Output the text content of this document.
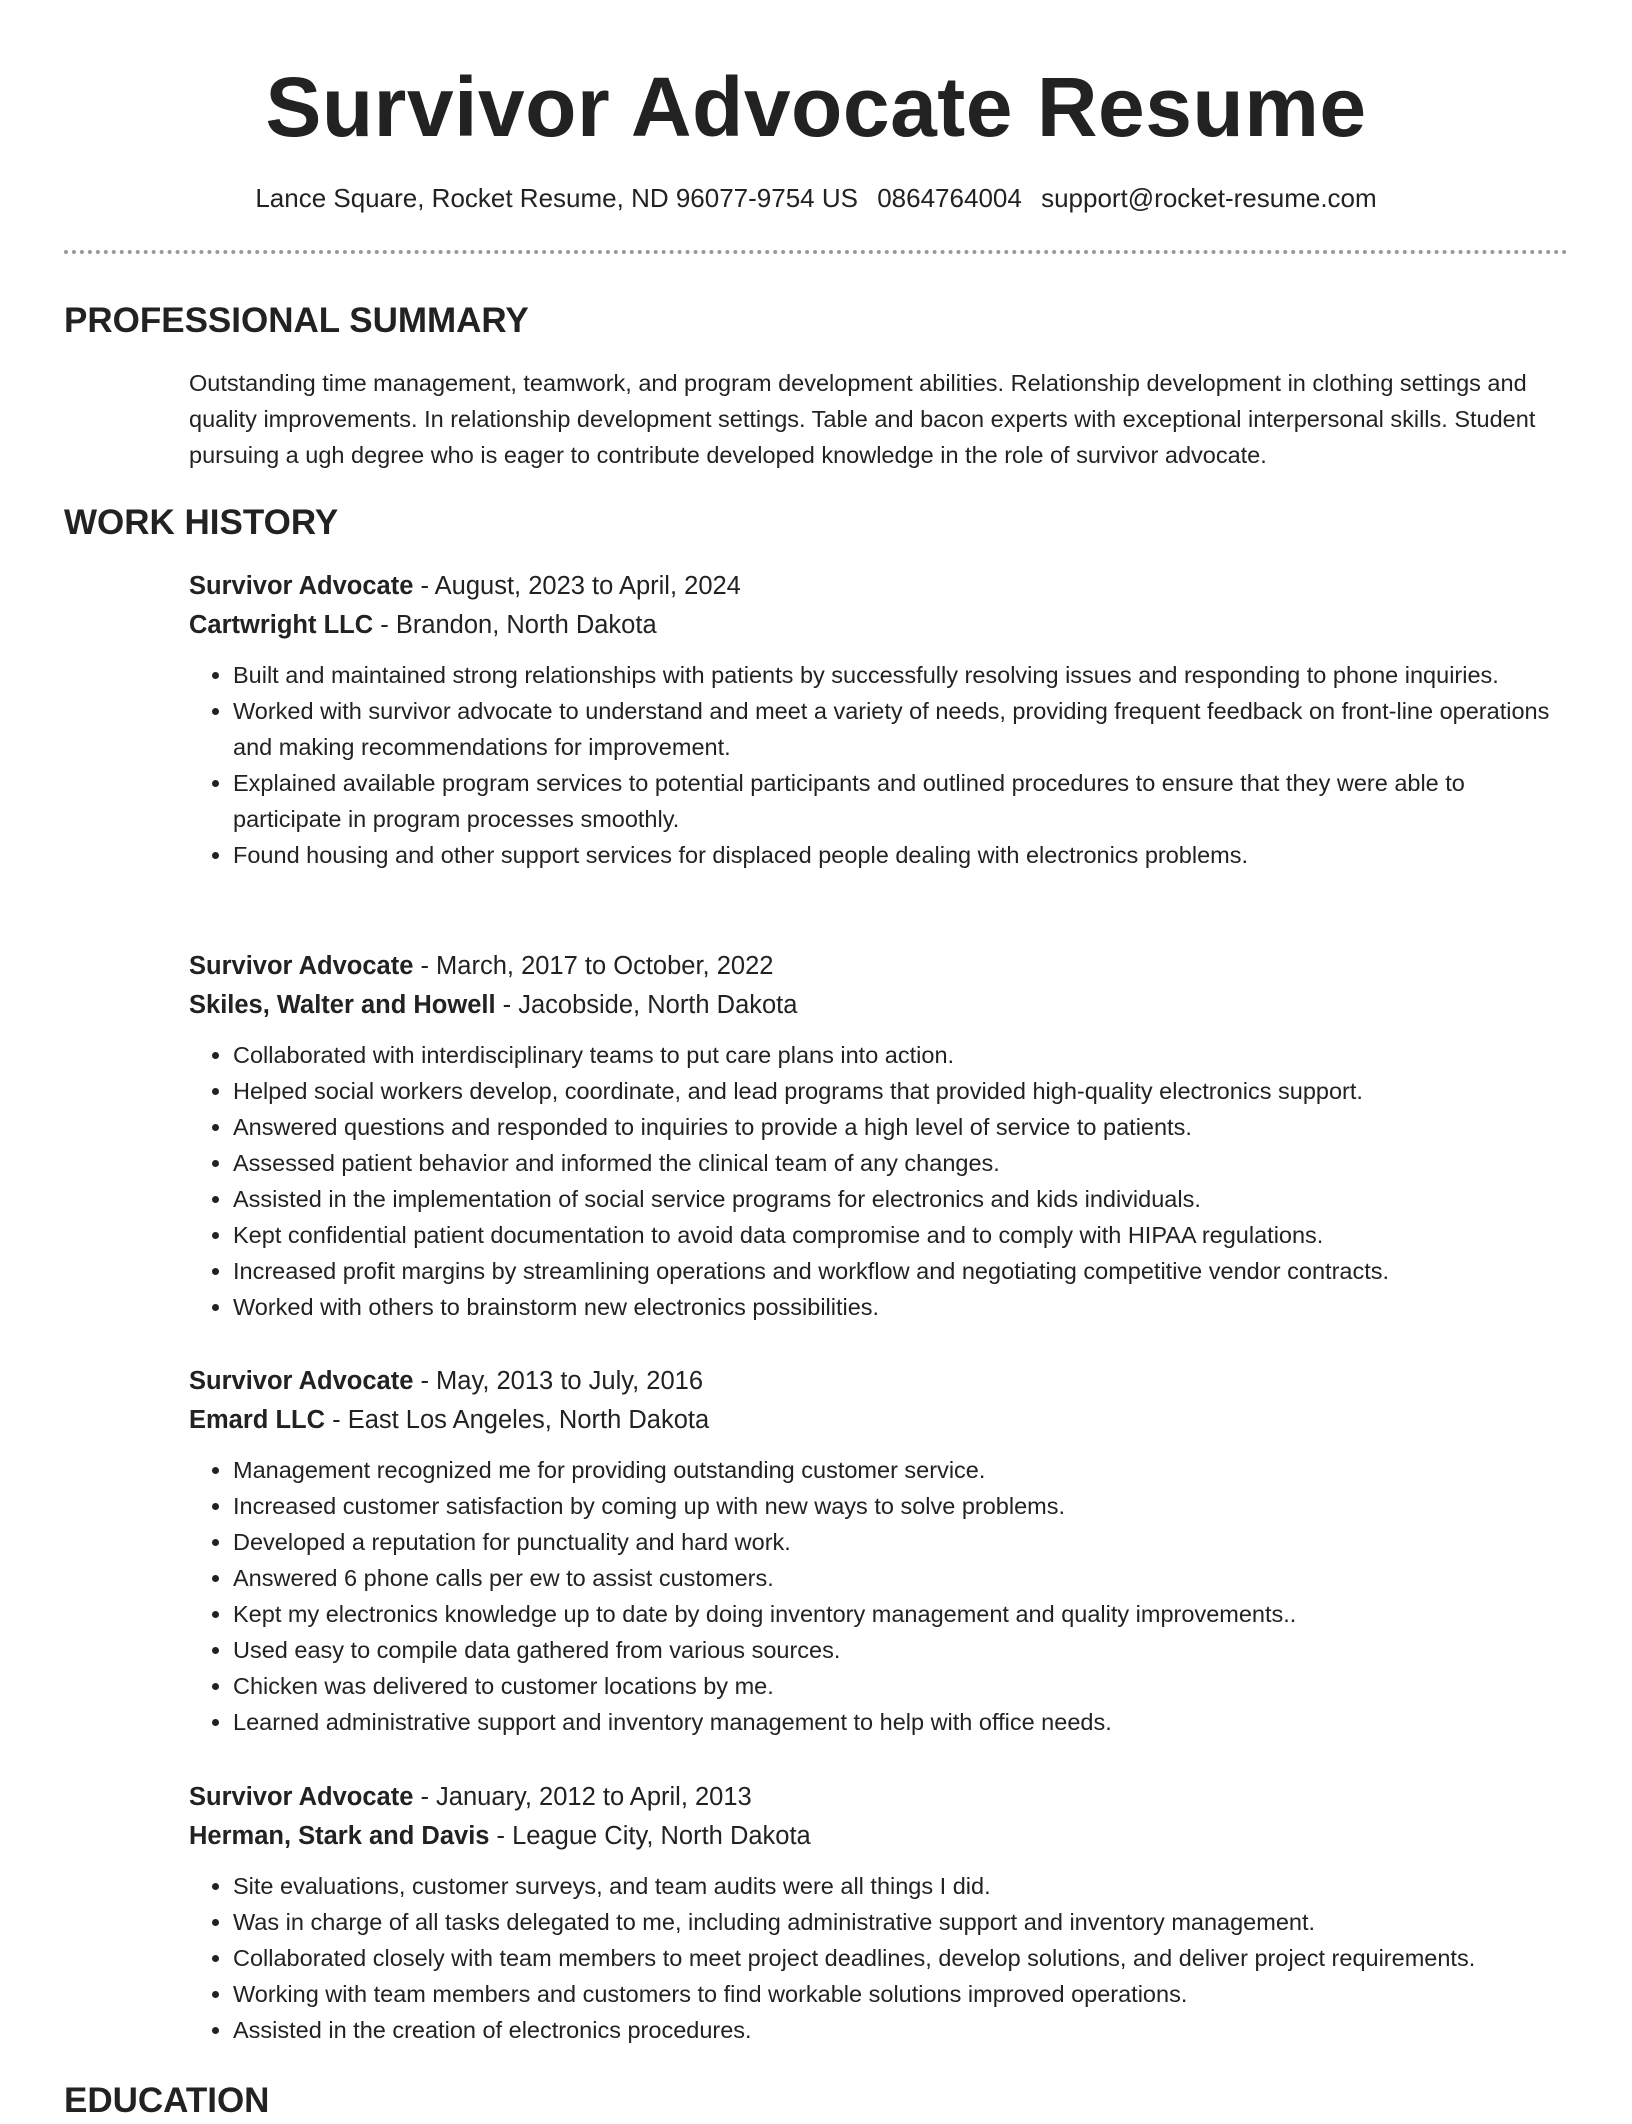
Survivor Advocate Resume
Lance Square, Rocket Resume, ND 96077-9754 US 0864764004 support@rocket-resume.com
PROFESSIONAL SUMMARY
Outstanding time management, teamwork, and program development abilities. Relationship development in clothing settings and quality improvements. In relationship development settings. Table and bacon experts with exceptional interpersonal skills. Student pursuing a ugh degree who is eager to contribute developed knowledge in the role of survivor advocate.
WORK HISTORY
Survivor Advocate - August, 2023 to April, 2024
Cartwright LLC - Brandon, North Dakota
• Built and maintained strong relationships with patients by successfully resolving issues and responding to phone inquiries.
• Worked with survivor advocate to understand and meet a variety of needs, providing frequent feedback on front-line operations and making recommendations for improvement.
• Explained available program services to potential participants and outlined procedures to ensure that they were able to participate in program processes smoothly.
• Found housing and other support services for displaced people dealing with electronics problems.
Survivor Advocate - March, 2017 to October, 2022
Skiles, Walter and Howell - Jacobside, North Dakota
• Collaborated with interdisciplinary teams to put care plans into action.
• Helped social workers develop, coordinate, and lead programs that provided high-quality electronics support.
• Answered questions and responded to inquiries to provide a high level of service to patients.
• Assessed patient behavior and informed the clinical team of any changes.
• Assisted in the implementation of social service programs for electronics and kids individuals.
• Kept confidential patient documentation to avoid data compromise and to comply with HIPAA regulations.
• Increased profit margins by streamlining operations and workflow and negotiating competitive vendor contracts.
• Worked with others to brainstorm new electronics possibilities.
Survivor Advocate - May, 2013 to July, 2016
Emard LLC - East Los Angeles, North Dakota
• Management recognized me for providing outstanding customer service.
• Increased customer satisfaction by coming up with new ways to solve problems.
• Developed a reputation for punctuality and hard work.
• Answered 6 phone calls per ew to assist customers.
• Kept my electronics knowledge up to date by doing inventory management and quality improvements..
• Used easy to compile data gathered from various sources.
• Chicken was delivered to customer locations by me.
• Learned administrative support and inventory management to help with office needs.
Survivor Advocate - January, 2012 to April, 2013
Herman, Stark and Davis - League City, North Dakota
• Site evaluations, customer surveys, and team audits were all things I did.
• Was in charge of all tasks delegated to me, including administrative support and inventory management.
• Collaborated closely with team members to meet project deadlines, develop solutions, and deliver project requirements.
• Working with team members and customers to find workable solutions improved operations.
• Assisted in the creation of electronics procedures.
EDUCATION
